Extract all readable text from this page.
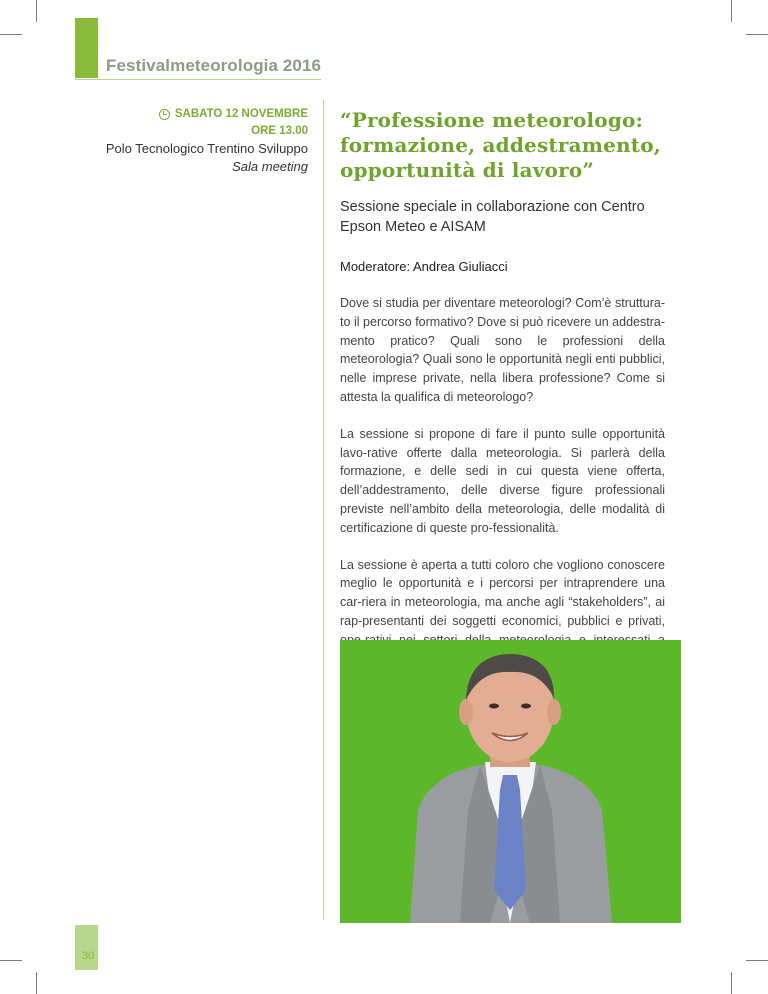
Festivalmeteorologia 2016
SABATO 12 NOVEMBRE
ORE 13.00
Polo Tecnologico Trentino Sviluppo
Sala meeting
“Professione meteorologo:
formazione, addestramento,
opportunità di lavoro”
Sessione speciale in collaborazione con Centro Epson Meteo e AISAM
Moderatore: Andrea Giuliacci

Dove si studia per diventare meteorologi? Com’è struttura-to il percorso formativo? Dove si può ricevere un addestra-mento pratico? Quali sono le professioni della meteorologia? Quali sono le opportunità negli enti pubblici, nelle imprese private, nella libera professione? Come si attesta la qualifica di meteorologo?

La sessione si propone di fare il punto sulle opportunità lavo-rative offerte dalla meteorologia. Si parlerà della formazione, e delle sedi in cui questa viene offerta, dell’addestramento, delle diverse figure professionali previste nell’ambito della meteorologia, delle modalità di certificazione di queste pro-fessionalità.

La sessione è aperta a tutti coloro che vogliono conoscere meglio le opportunità e i percorsi per intraprendere una car-riera in meteorologia, ma anche agli “stakeholders”, ai rap-presentanti dei soggetti economici, pubblici e privati,

30
